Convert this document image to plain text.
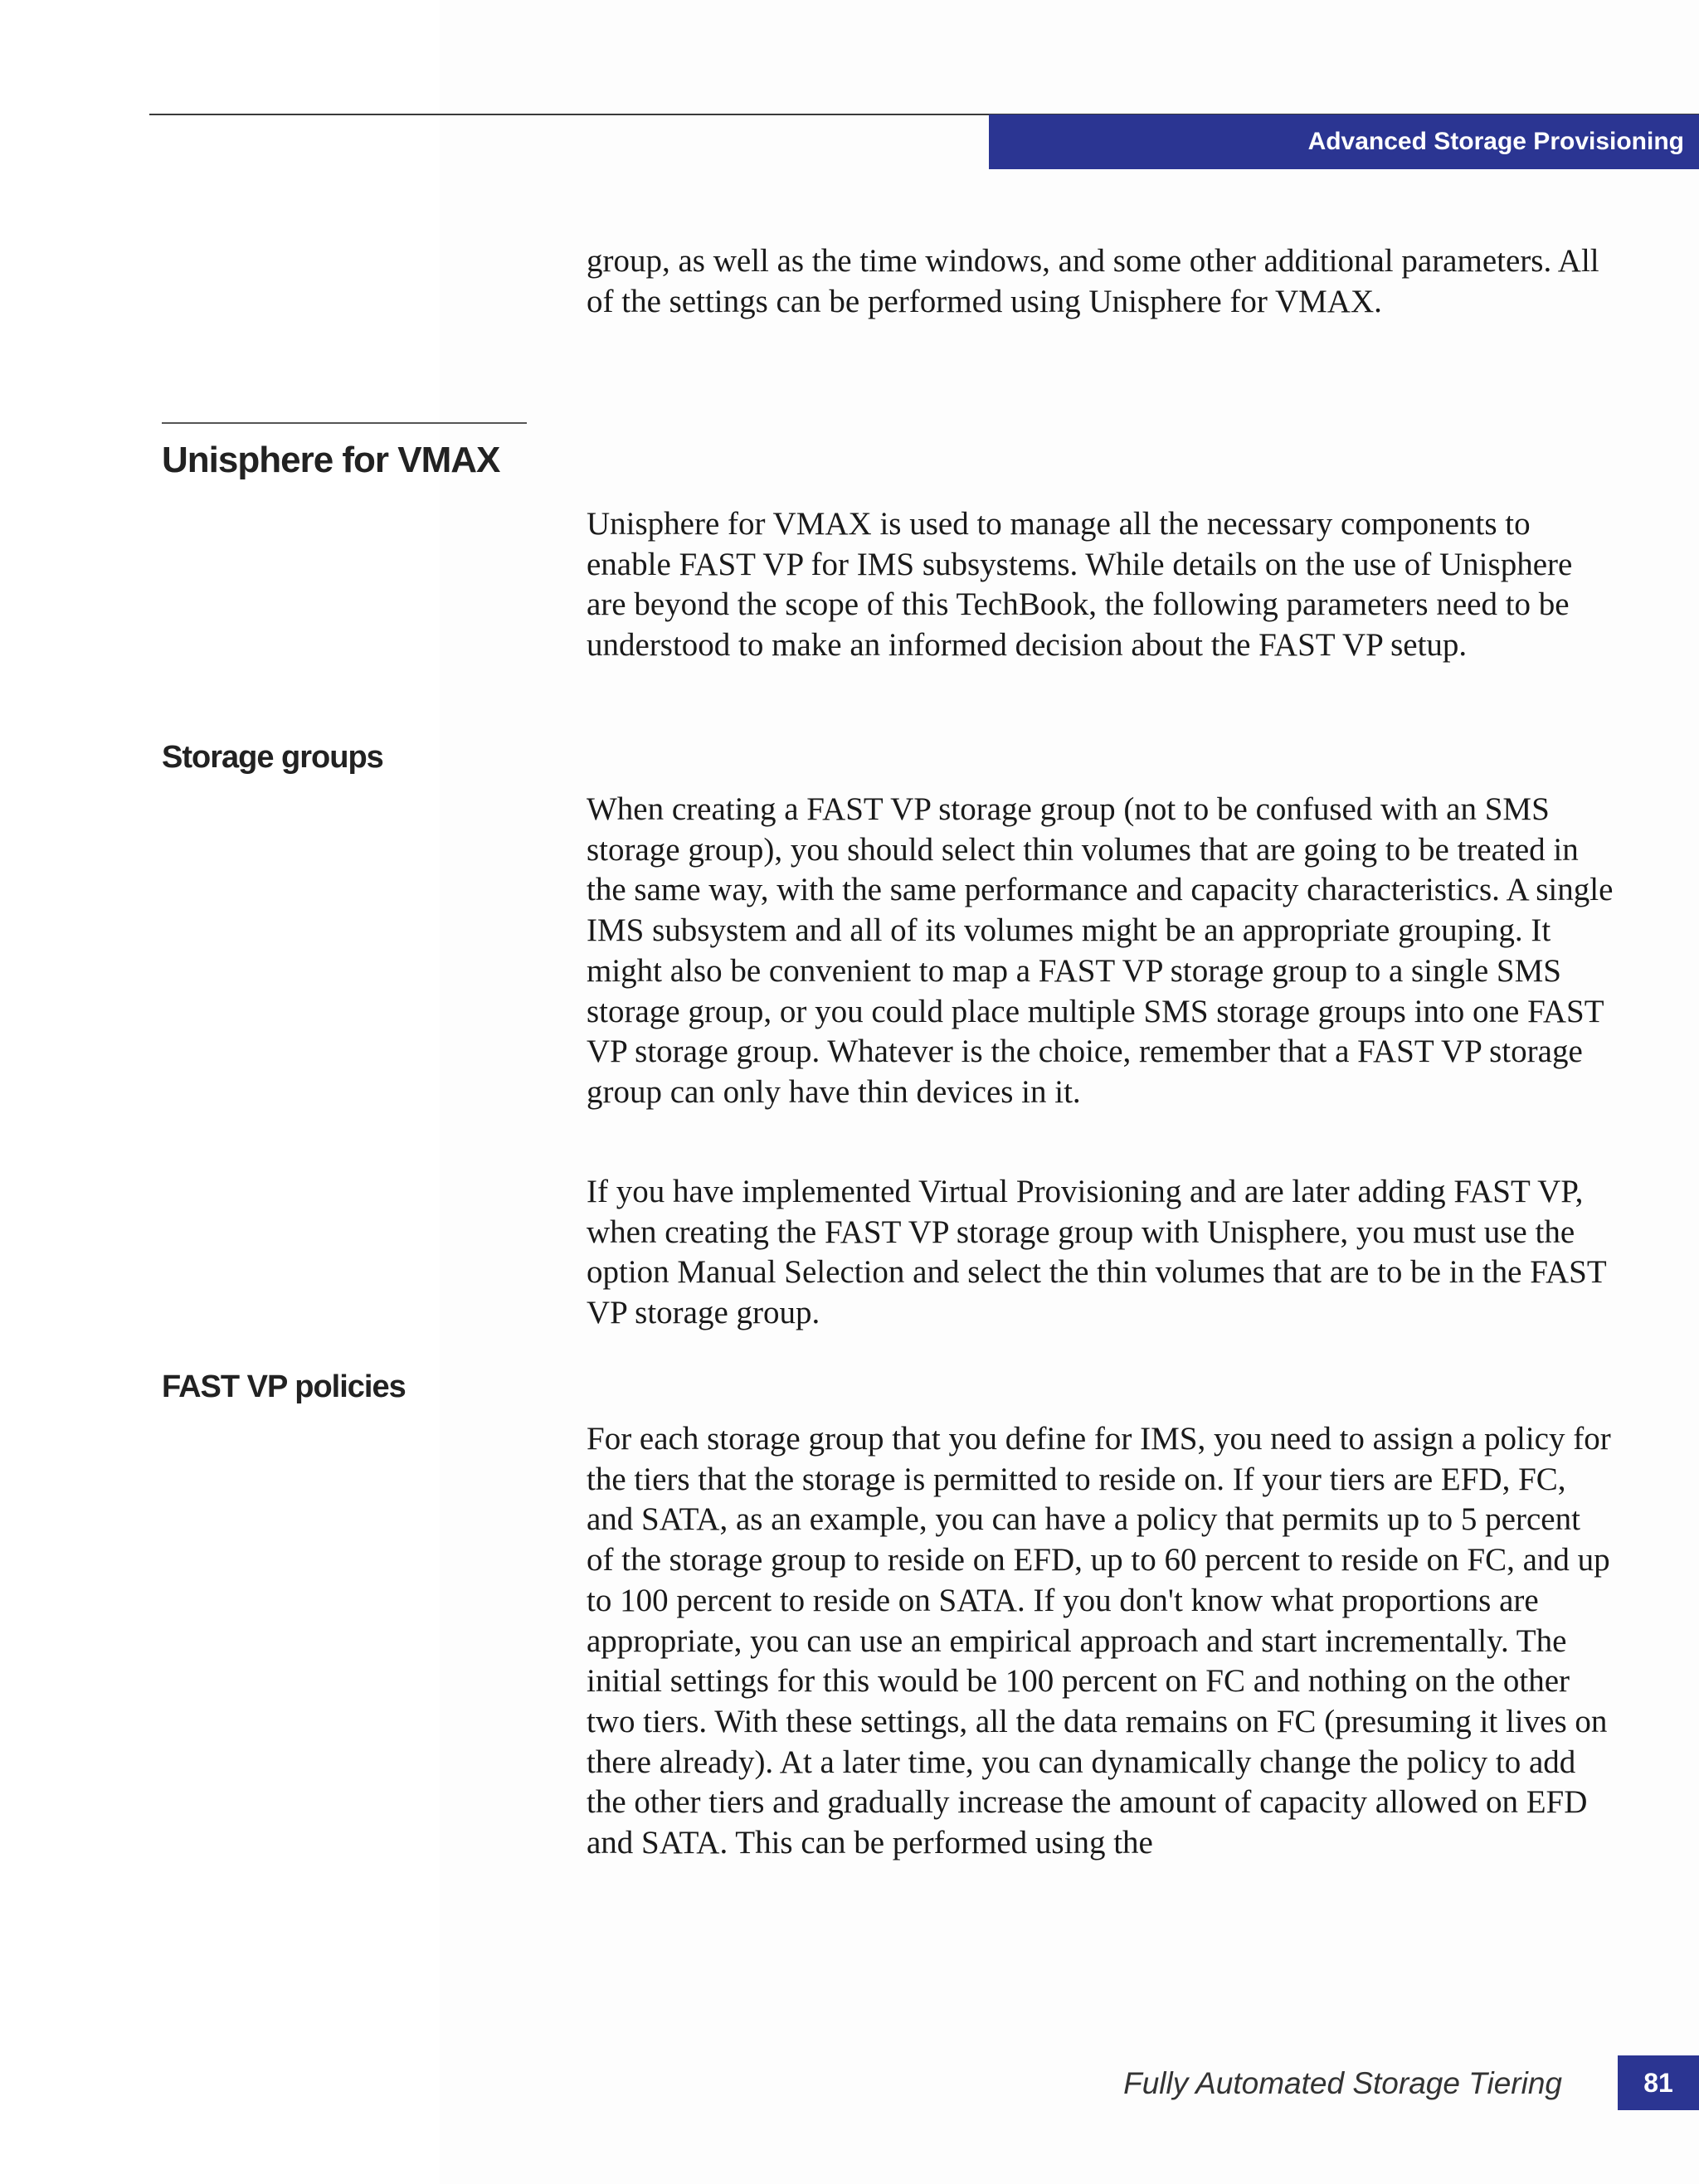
Advanced Storage Provisioning

group, as well as the time windows, and some other additional parameters. All of the settings can be performed using Unisphere for VMAX.

Unisphere for VMAX

Unisphere for VMAX is used to manage all the necessary components to enable FAST VP for IMS subsystems. While details on the use of Unisphere are beyond the scope of this TechBook, the following parameters need to be understood to make an informed decision about the FAST VP setup.

Storage groups

When creating a FAST VP storage group (not to be confused with an SMS storage group), you should select thin volumes that are going to be treated in the same way, with the same performance and capacity characteristics. A single IMS subsystem and all of its volumes might be an appropriate grouping. It might also be convenient to map a FAST VP storage group to a single SMS storage group, or you could place multiple SMS storage groups into one FAST VP storage group. Whatever is the choice, remember that a FAST VP storage group can only have thin devices in it.

If you have implemented Virtual Provisioning and are later adding FAST VP, when creating the FAST VP storage group with Unisphere, you must use the option Manual Selection and select the thin volumes that are to be in the FAST VP storage group.

FAST VP policies

For each storage group that you define for IMS, you need to assign a policy for the tiers that the storage is permitted to reside on. If your tiers are EFD, FC, and SATA, as an example, you can have a policy that permits up to 5 percent of the storage group to reside on EFD, up to 60 percent to reside on FC, and up to 100 percent to reside on SATA. If you don't know what proportions are appropriate, you can use an empirical approach and start incrementally. The initial settings for this would be 100 percent on FC and nothing on the other two tiers. With these settings, all the data remains on FC (presuming it lives on there already). At a later time, you can dynamically change the policy to add the other tiers and gradually increase the amount of capacity allowed on EFD and SATA. This can be performed using the

Fully Automated Storage Tiering	81
